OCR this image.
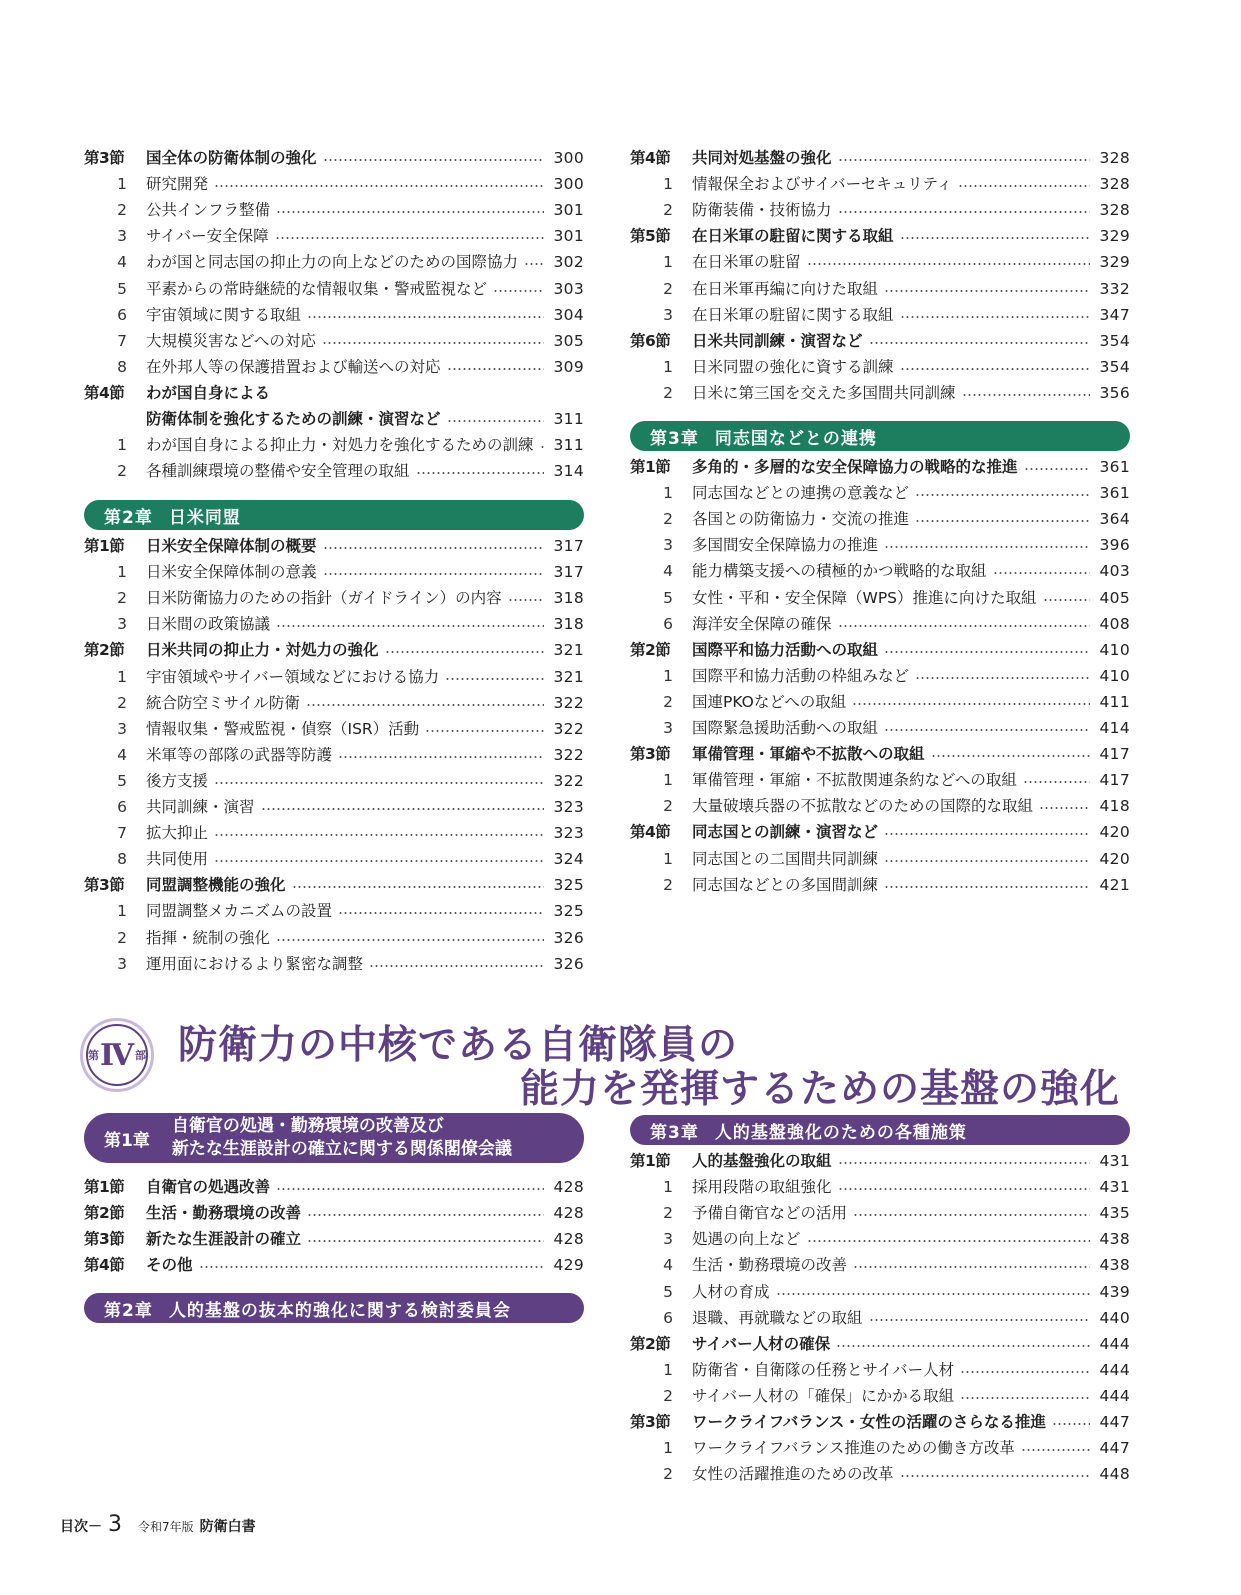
第3節	国全体の防衛体制の強化	300
1	研究開発	300
2	公共インフラ整備	301
3	サイバー安全保障	301
4	わが国と同志国の抑止力の向上などのための国際協力 302
5	平素からの常時継続的な情報収集・警戒監視など	303
6	宇宙領域に関する取組	304
7	大規模災害などへの対応	305
8	在外邦人等の保護措置および輸送への対応	309
第4節	わが国自身による
防衛体制を強化するための訓練・演習など	311
1	わが国自身による抑止力・対処力を強化するための訓練 311
2	各種訓練環境の整備や安全管理の取組	314
第2章 日米同盟
第1節	日米安全保障体制の概要	317
1	日米安全保障体制の意義	317
2	日米防衛協力のための指針（ガイドライン）の内容	318
3	日米間の政策協議	318
第2節	日米共同の抑止力・対処力の強化	321
1	宇宙領域やサイバー領域などにおける協力	321
2	統合防空ミサイル防衛	322
3	情報収集・警戒監視・偵察（ISR）活動	322
4	米軍等の部隊の武器等防護	322
5	後方支援	322
6	共同訓練・演習	323
7	拡大抑止	323
8	共同使用	324
第3節	同盟調整機能の強化	325
1	同盟調整メカニズムの設置	325
2	指揮・統制の強化	326
3	運用面におけるより緊密な調整	326
第4節	共同対処基盤の強化	328
1	情報保全およびサイバーセキュリティ	328
2	防衛装備・技術協力	328
第5節	在日米軍の駐留に関する取組	329
1	在日米軍の駐留	329
2	在日米軍再編に向けた取組	332
3	在日米軍の駐留に関する取組	347
第6節	日米共同訓練・演習など	354
1	日米同盟の強化に資する訓練	354
2	日米に第三国を交えた多国間共同訓練	356
第3章 同志国などとの連携
第1節	多角的・多層的な安全保障協力の戦略的な推進	361
1	同志国などとの連携の意義など	361
2	各国との防衛協力・交流の推進	364
3	多国間安全保障協力の推進	396
4	能力構築支援への積極的かつ戦略的な取組	403
5	女性・平和・安全保障（WPS）推進に向けた取組	405
6	海洋安全保障の確保	408
第2節	国際平和協力活動への取組	410
1	国際平和協力活動の枠組みなど	410
2	国連PKOなどへの取組	411
3	国際緊急援助活動への取組	414
第3節	軍備管理・軍縮や不拡散への取組	417
1	軍備管理・軍縮・不拡散関連条約などへの取組	417
2	大量破壊兵器の不拡散などのための国際的な取組	418
第4節	同志国との訓練・演習など	420
1	同志国との二国間共同訓練	420
2	同志国などとの多国間訓練	421
第 Ⅳ 部 防衛力の中核である自衛隊員の
能力を発揮するための基盤の強化
第1章
自衛官の処遇・勤務環境の改善及び
新たな生涯設計の確立に関する関係閣僚会議
第1節	自衛官の処遇改善	428
第2節	生活・勤務環境の改善	428
第3節	新たな生涯設計の確立	428
第4節	その他	429
第2章 人的基盤の抜本的強化に関する検討委員会
第3章 人的基盤強化のための各種施策
第1節	人的基盤強化の取組	431
1	採用段階の取組強化	431
2	予備自衛官などの活用	435
3	処遇の向上など	438
4	生活・勤務環境の改善	438
5	人材の育成	439
6	退職、再就職などの取組	440
第2節	サイバー人材の確保	444
1	防衛省・自衛隊の任務とサイバー人材	444
2	サイバー人材の「確保」にかかる取組	444
第3節	ワークライフバランス・女性の活躍のさらなる推進	447
1	ワークライフバランス推進のための働き方改革	447
2	女性の活躍推進のための改革	448
目次－ 3 令和7年版 防衛白書
